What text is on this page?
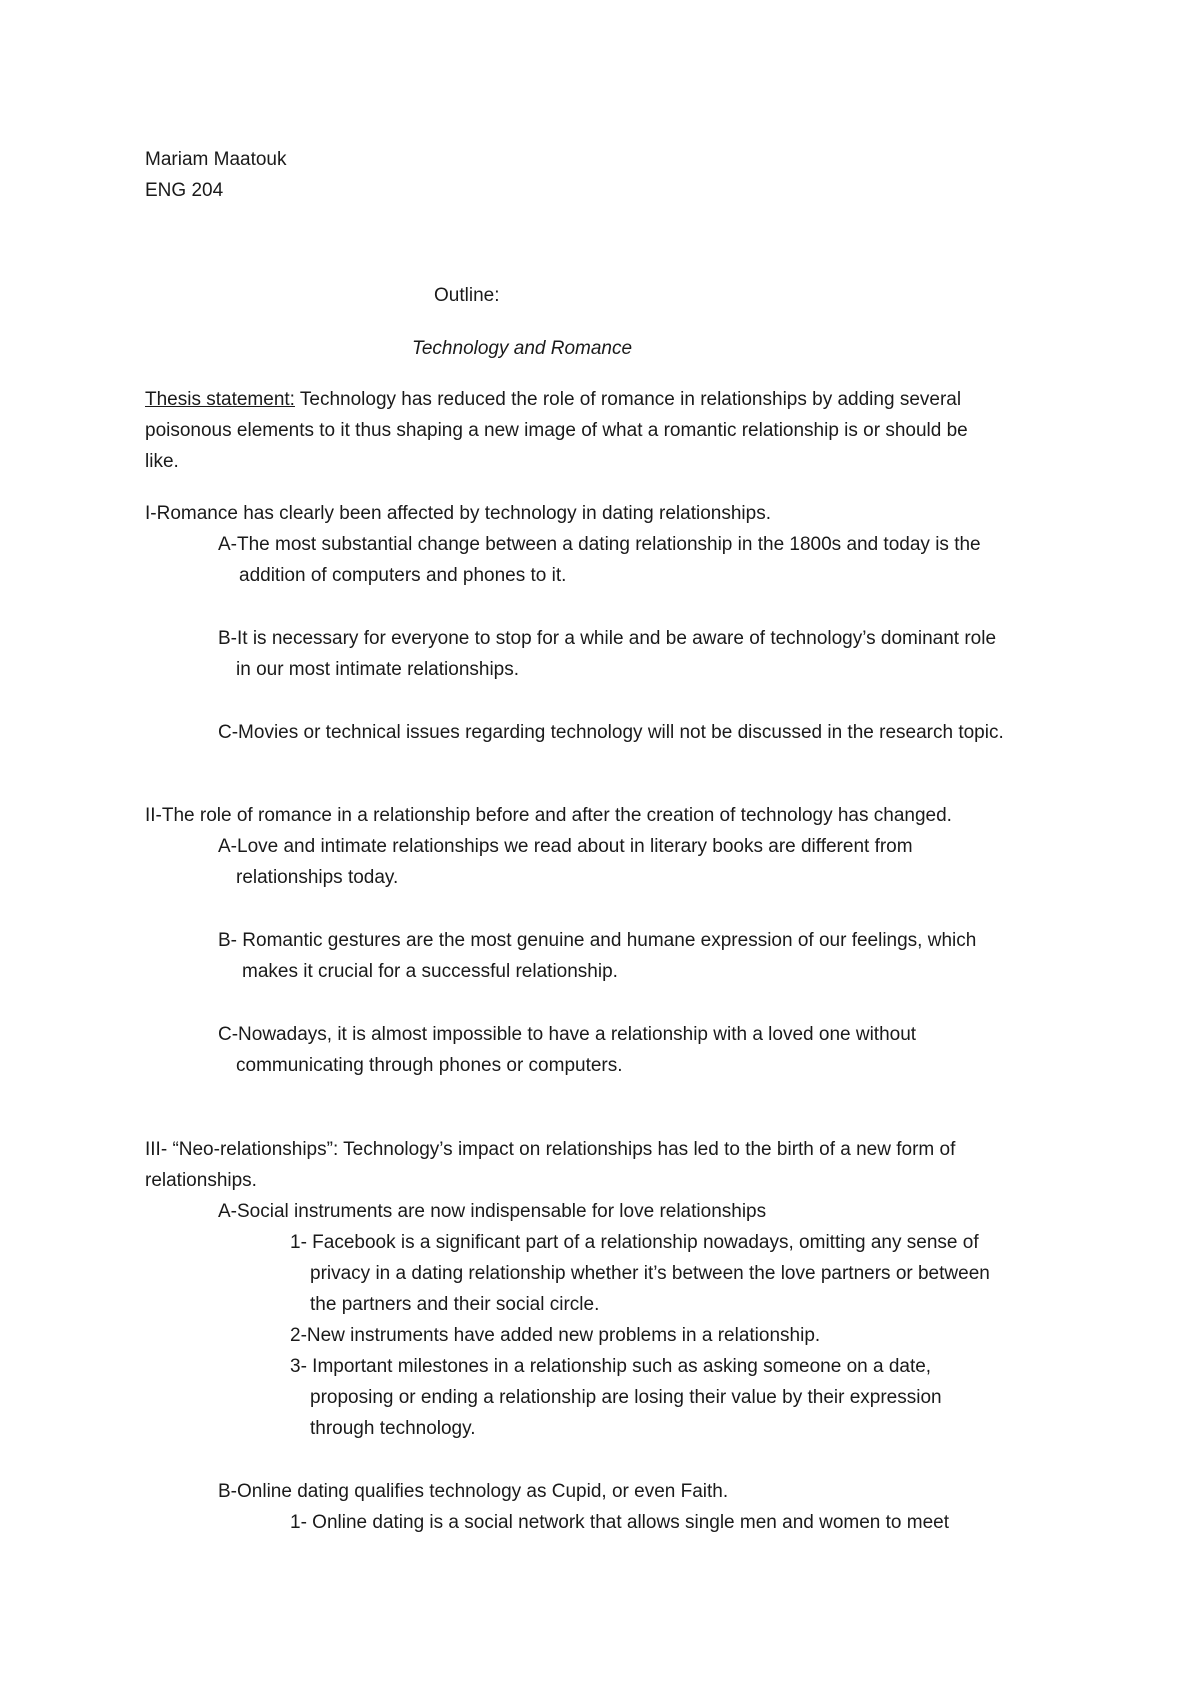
Mariam Maatouk

ENG 204

Outline:

Technology and Romance

Thesis statement: Technology has reduced the role of romance in relationships by adding several

poisonous elements to it thus shaping a new image of what a romantic relationship is or should be

like.

I-Romance has clearly been affected by technology in dating relationships.

A-The most substantial change between a dating relationship in the 1800s and today is the

addition of computers and phones to it.

B-It is necessary for everyone to stop for a while and be aware of technology’s dominant role

in our most intimate relationships.

C-Movies or technical issues regarding technology will not be discussed in the research topic.

II-The role of romance in a relationship before and after the creation of technology has changed.

A-Love and intimate relationships we read about in literary books are different from

relationships today.

B- Romantic gestures are the most genuine and humane expression of our feelings, which

makes it crucial for a successful relationship.

C-Nowadays, it is almost impossible to have a relationship with a loved one without

communicating through phones or computers.

III- “Neo-relationships”: Technology’s impact on relationships has led to the birth of a new form of

relationships.

A-Social instruments are now indispensable for love relationships

1- Facebook is a significant part of a relationship nowadays, omitting any sense of

privacy in a dating relationship whether it’s between the love partners or between

the partners and their social circle.

2-New instruments have added new problems in a relationship.

3- Important milestones in a relationship such as asking someone on a date,

proposing or ending a relationship are losing their value by their expression

through technology.

B-Online dating qualifies technology as Cupid, or even Faith.

1- Online dating is a social network that allows single men and women to meet
